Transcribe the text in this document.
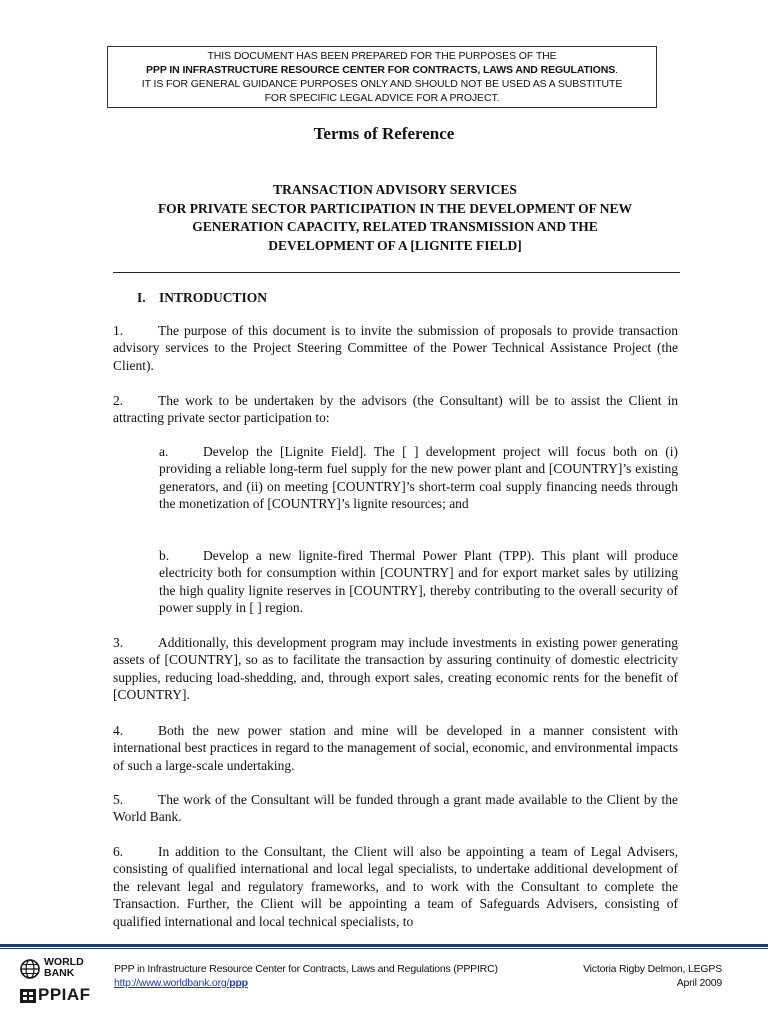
THIS DOCUMENT HAS BEEN PREPARED FOR THE PURPOSES OF THE
PPP IN INFRASTRUCTURE RESOURCE CENTER FOR CONTRACTS, LAWS AND REGULATIONS.
IT IS FOR GENERAL GUIDANCE PURPOSES ONLY AND SHOULD NOT BE USED AS A SUBSTITUTE
FOR SPECIFIC LEGAL ADVICE FOR A PROJECT.
Terms of Reference
TRANSACTION ADVISORY SERVICES
FOR PRIVATE SECTOR PARTICIPATION IN THE DEVELOPMENT OF NEW
GENERATION CAPACITY, RELATED TRANSMISSION AND THE
DEVELOPMENT OF A [LIGNITE FIELD]
I. INTRODUCTION
1.	The purpose of this document is to invite the submission of proposals to provide transaction advisory services to the Project Steering Committee of the Power Technical Assistance Project (the Client).
2.	The work to be undertaken by the advisors (the Consultant) will be to assist the Client in attracting private sector participation to:
a.	Develop the [Lignite Field]. The [ ] development project will focus both on (i) providing a reliable long-term fuel supply for the new power plant and [COUNTRY]’s existing generators, and (ii) on meeting [COUNTRY]’s short-term coal supply financing needs through the monetization of [COUNTRY]’s lignite resources; and
b.	Develop a new lignite-fired Thermal Power Plant (TPP). This plant will produce electricity both for consumption within [COUNTRY] and for export market sales by utilizing the high quality lignite reserves in [COUNTRY], thereby contributing to the overall security of power supply in [ ] region.
3.	Additionally, this development program may include investments in existing power generating assets of [COUNTRY], so as to facilitate the transaction by assuring continuity of domestic electricity supplies, reducing load-shedding, and, through export sales, creating economic rents for the benefit of [COUNTRY].
4.	Both the new power station and mine will be developed in a manner consistent with international best practices in regard to the management of social, economic, and environmental impacts of such a large-scale undertaking.
5.	The work of the Consultant will be funded through a grant made available to the Client by the World Bank.
6.	In addition to the Consultant, the Client will also be appointing a team of Legal Advisers, consisting of qualified international and local legal specialists, to undertake additional development of the relevant legal and regulatory frameworks, and to work with the Consultant to complete the Transaction. Further, the Client will be appointing a team of Safeguards Advisers, consisting of qualified international and local technical specialists, to
WORLD
BANK
PPIAF
PPP in Infrastructure Resource Center for Contracts, Laws and Regulations (PPPIRC)
http://www.worldbank.org/ppp
Victoria Rigby Delmon, LEGPS
April 2009
